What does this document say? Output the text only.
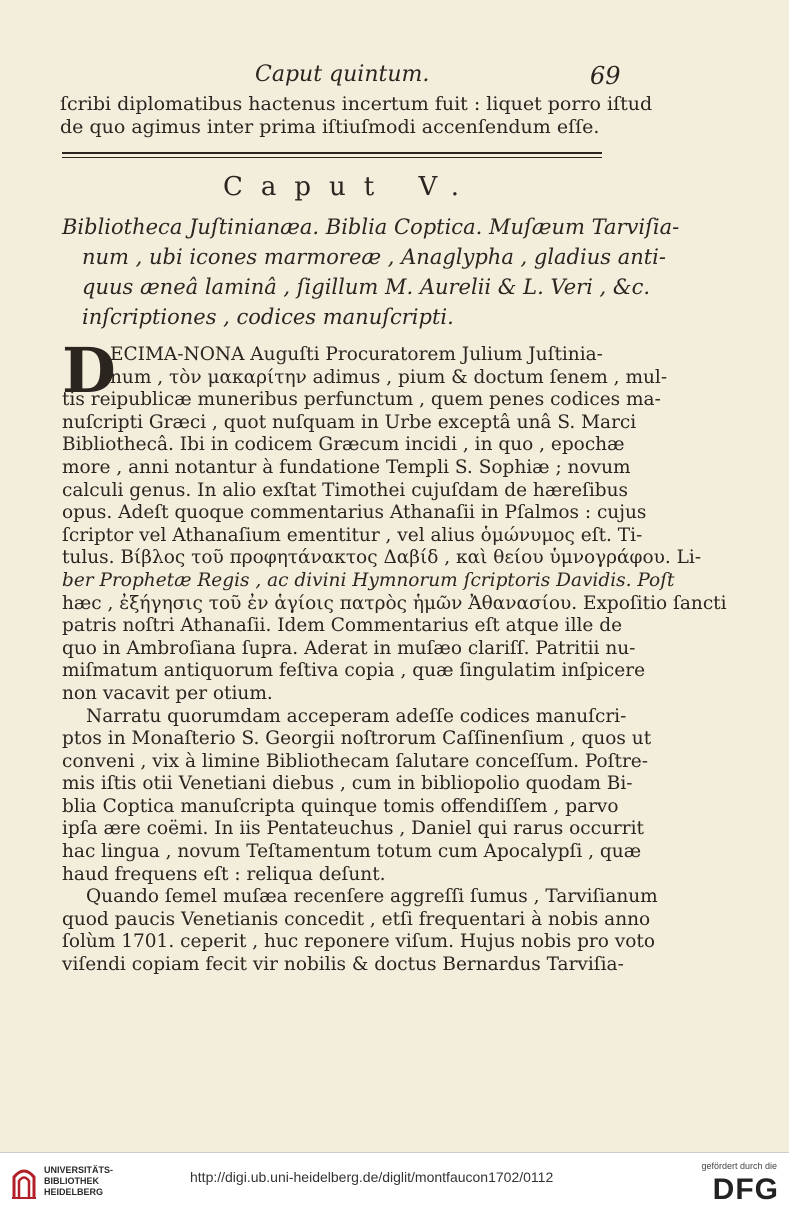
Caput quintum.	69
ſcribi diplomatibus hactenus incertum fuit : liquet porro iſtud
de quo agimus inter prima iſtiuſmodi accenſendum eſſe.
Caput V.
Bibliotheca Juſtinianæa. Biblia Coptica. Muſæum Tarviſia-
num , ubi icones marmoreæ , Anaglypha , gladius anti-
quus æneâ laminâ , ſigillum M. Aurelii & L. Veri , &c.
inſcriptiones , codices manuſcripti.
D
ECIMA-NONA Auguſti Procuratorem Julium Juſtinia-
num , τὸν μακαρίτην adimus , pium & doctum ſenem , mul-
tis reipublicæ muneribus perfunctum , quem penes codices ma-
nuſcripti Græci , quot nuſquam in Urbe exceptâ unâ S. Marci
Bibliothecâ. Ibi in codicem Græcum incidi , in quo , epochæ
more , anni notantur à fundatione Templi S. Sophiæ ; novum
calculi genus. In alio exſtat Timothei cujuſdam de hæreſibus
opus. Adeſt quoque commentarius Athanaſii in Pſalmos : cujus
ſcriptor vel Athanaſium ementitur , vel alius ὁμώνυμος eſt. Ti-
tulus. Βίβλος τοῦ προφητάνακτος Δαβίδ , καὶ θείου ὑμνογράφου. Li-
ber Prophetæ Regis , ac divini Hymnorum ſcriptoris Davidis. Poſt
hæc , ἐξήγησις τοῦ ἐν ἁγίοις πατρὸς ἡμῶν Ἀθανασίου. Expoſitio ſancti
patris noſtri Athanaſii. Idem Commentarius eſt atque ille de
quo in Ambroſiana ſupra. Aderat in muſæo clariſſ. Patritii nu-
miſmatum antiquorum feſtiva copia , quæ ſingulatim inſpicere
non vacavit per otium.
Narratu quorumdam acceperam adeſſe codices manuſcri-
ptos in Monaſterio S. Georgii noſtrorum Caſſinenſium , quos ut
conveni , vix à limine Bibliothecam ſalutare conceſſum. Poſtre-
mis iſtis otii Venetiani diebus , cum in bibliopolio quodam Bi-
blia Coptica manuſcripta quinque tomis offendiſſem , parvo
ipſa ære coëmi. In iis Pentateuchus , Daniel qui rarus occurrit
hac lingua , novum Teſtamentum totum cum Apocalypſi , quæ
haud frequens eſt : reliqua deſunt.
Quando ſemel muſæa recenſere aggreſſi ſumus , Tarviſianum
quod paucis Venetianis concedit , etſi frequentari à nobis anno
ſolùm 1701. ceperit , huc reponere viſum. Hujus nobis pro voto
viſendi copiam fecit vir nobilis & doctus Bernardus Tarviſia-
UNIVERSITÄTS-
BIBLIOTHEK
HEIDELBERG
http://digi.ub.uni-heidelberg.de/diglit/montfaucon1702/0112
gefördert durch die
DFG
